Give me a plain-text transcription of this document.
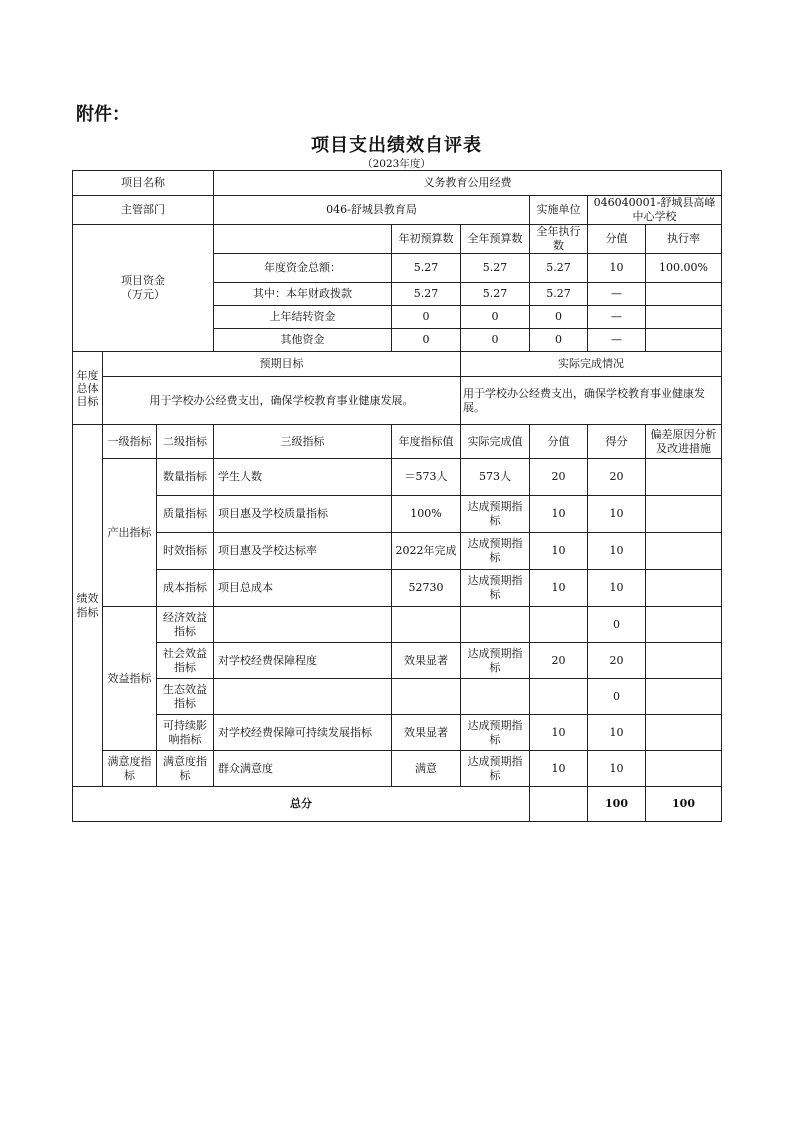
附件：
项目支出绩效自评表
（2023年度）
项目名称			义务教育公用经费						
主管部门			046-舒城县教育局			实施单位	046040001-舒城县高峰中心学校		
项目资金
（万元）				年初预算数	全年预算数	全年执行数	分值	执行率	
			年度资金总额：	5.27	5.27	5.27	10	100.00%	
			其中：本年财政拨款	5.27	5.27	5.27	—		
			上年结转资金	0	0	0	—		
			其他资金	0	0	0	—		
年度
总体
目标	预期目标				实际完成情况				
	用于学校办公经费支出，确保学校教育事业健康发展。				用于学校办公经费支出，确保学校教育事业健康发展。				
绩效
指标	一级指标	二级指标	三级指标	年度指标值	实际完成值	分值	得分	偏差原因分析及改进措施	
	产出指标	数量指标	学生人数	＝573人	573人	20	20		
		质量指标	项目惠及学校质量指标	100%	达成预期指标	10	10		
		时效指标	项目惠及学校达标率	2022年完成	达成预期指标	10	10		
		成本指标	项目总成本	52730	达成预期指标	10	10		
	效益指标	经济效益指标					0		
		社会效益指标	对学校经费保障程度	效果显著	达成预期指标	20	20		
		生态效益指标					0		
		可持续影响指标	对学校经费保障可持续发展指标	效果显著	达成预期指标	10	10		
	满意度指标	满意度指标	群众满意度	满意	达成预期指标	10	10		
总分							100	100	
